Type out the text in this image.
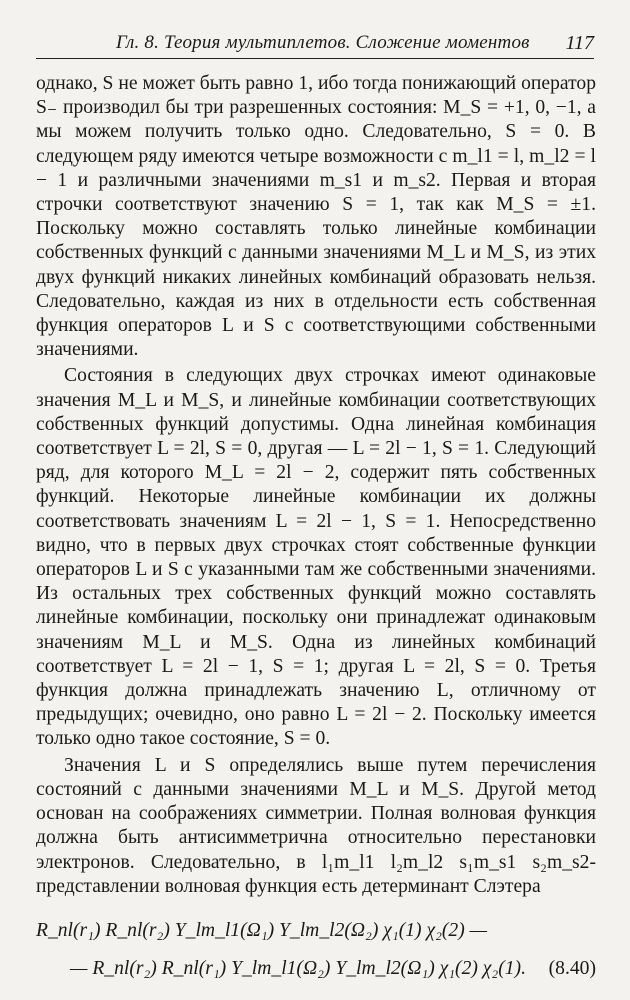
Гл. 8. Теория мультиплетов. Сложение моментов 117

однако, S не может быть равно 1, ибо тогда понижающий оператор S₋ производил бы три разрешенных состояния: M_S = +1, 0, −1, а мы можем получить только одно. Следовательно, S = 0. В следующем ряду имеются четыре возможности с m_l1 = l, m_l2 = l − 1 и различными значениями m_s1 и m_s2. Первая и вторая строчки соответствуют значению S = 1, так как M_S = ±1. Поскольку можно составлять только линейные комбинации собственных функций с данными значениями M_L и M_S, из этих двух функций никаких линейных комбинаций образовать нельзя. Следовательно, каждая из них в отдельности есть собственная функция операторов L и S с соответствующими собственными значениями.

Состояния в следующих двух строчках имеют одинаковые значения M_L и M_S, и линейные комбинации соответствующих собственных функций допустимы. Одна линейная комбинация соответствует L = 2l, S = 0, другая — L = 2l − 1, S = 1. Следующий ряд, для которого M_L = 2l − 2, содержит пять собственных функций. Некоторые линейные комбинации их должны соответствовать значениям L = 2l − 1, S = 1. Непосредственно видно, что в первых двух строчках стоят собственные функции операторов L и S с указанными там же собственными значениями. Из остальных трех собственных функций можно составлять линейные комбинации, поскольку они принадлежат одинаковым значениям M_L и M_S. Одна из линейных комбинаций соответствует L = 2l − 1, S = 1; другая L = 2l, S = 0. Третья функция должна принадлежать значению L, отличному от предыдущих; очевидно, оно равно L = 2l − 2. Поскольку имеется только одно такое состояние, S = 0.

Значения L и S определялись выше путем перечисления состояний с данными значениями M_L и M_S. Другой метод основан на соображениях симметрии. Полная волновая функция должна быть антисимметрична относительно перестановки электронов. Следовательно, в l₁m_l1 l₂m_l2 s₁m_s1 s₂m_s2-представлении волновая функция есть детерминант Слэтера

R_nl(r₁) R_nl(r₂) Y_lm_l1(Ω₁) Y_lm_l2(Ω₂) χ₁(1) χ₂(2) —
— R_nl(r₂) R_nl(r₁) Y_lm_l1(Ω₂) Y_lm_l2(Ω₁) χ₁(2) χ₂(1). (8.40)
